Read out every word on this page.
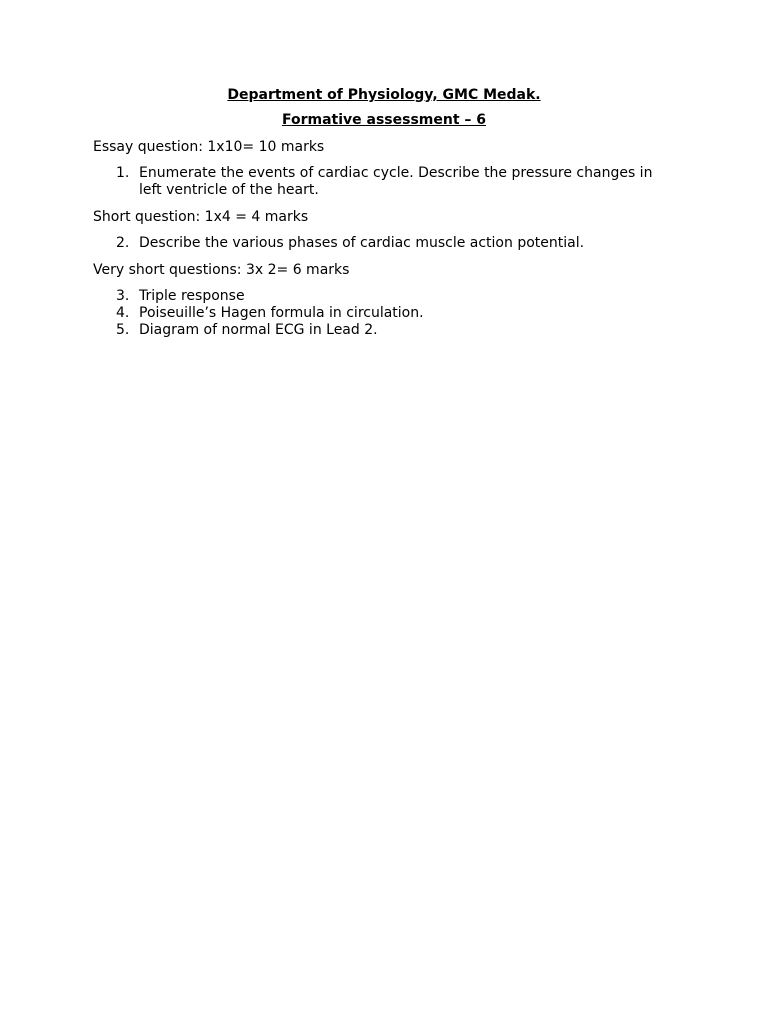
Department of Physiology, GMC Medak.
Formative assessment – 6
Essay question: 1x10= 10 marks
1. Enumerate the events of cardiac cycle. Describe the pressure changes in left ventricle of the heart.
Short question: 1x4 = 4 marks
2. Describe the various phases of cardiac muscle action potential.
Very short questions: 3x 2= 6 marks
3. Triple response
4. Poiseuille’s Hagen formula in circulation.
5. Diagram of normal ECG in Lead 2.
